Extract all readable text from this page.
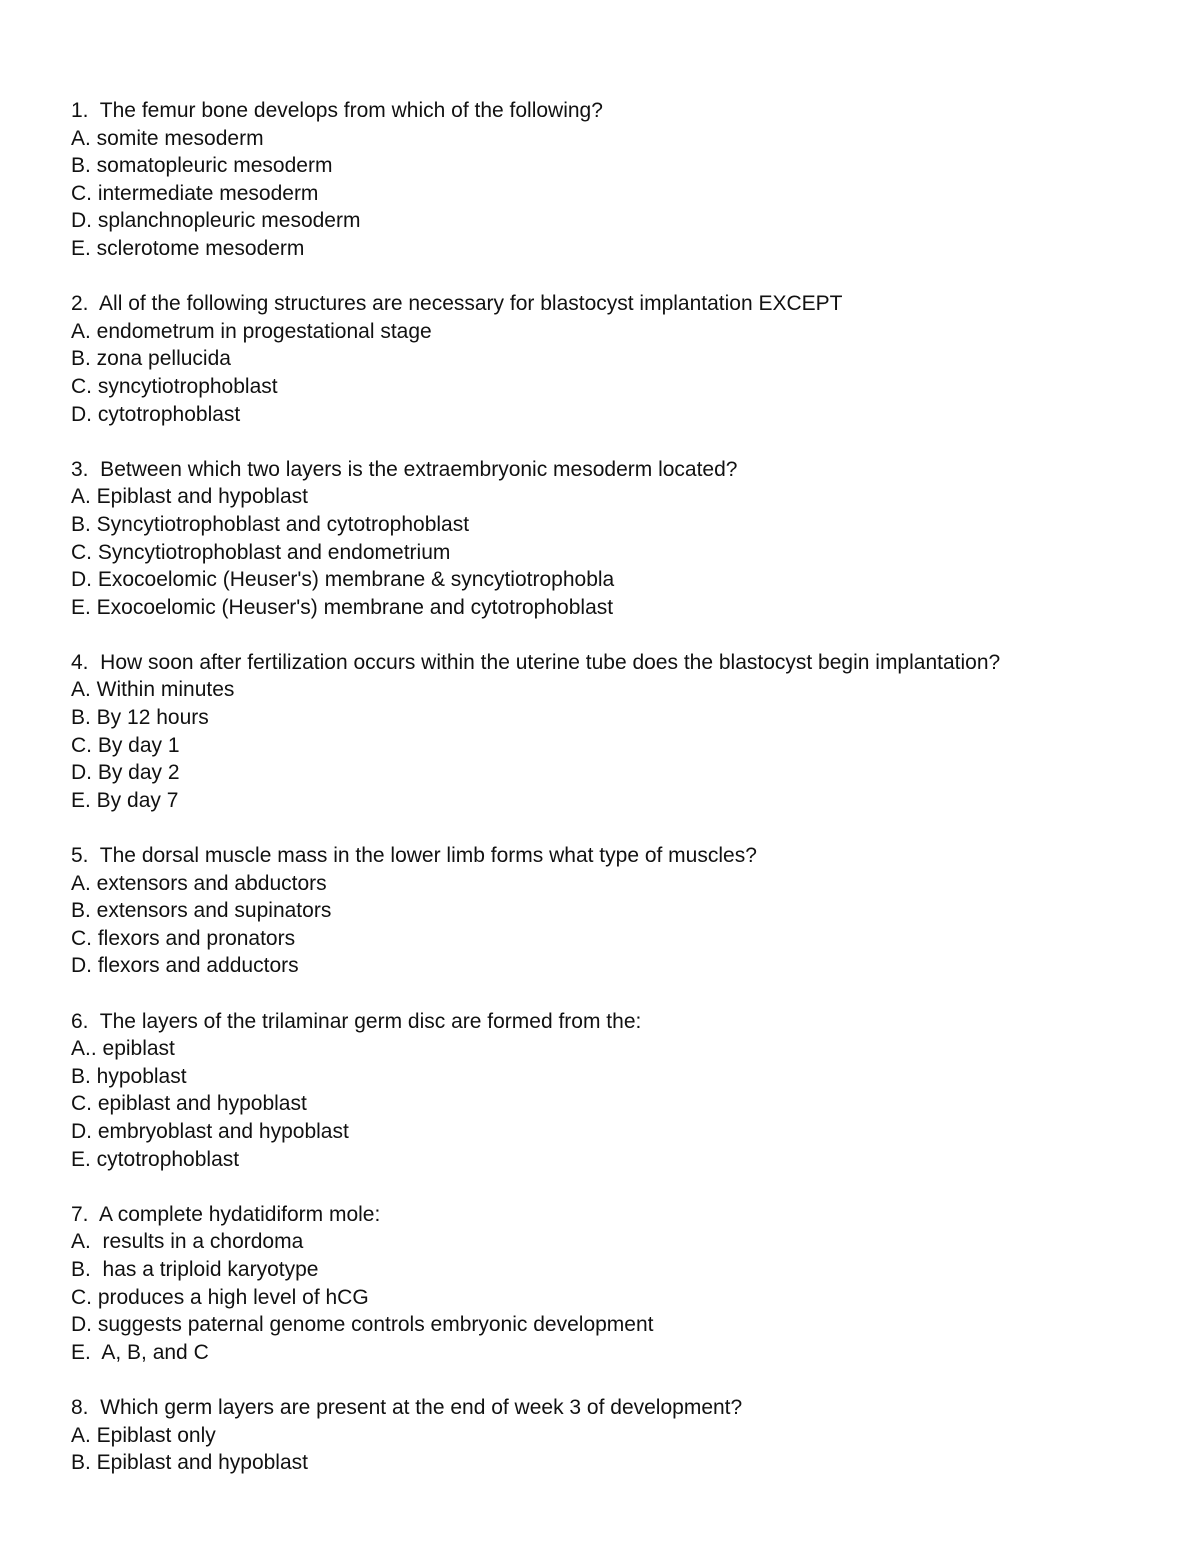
1.  The femur bone develops from which of the following?
A. somite mesoderm
B. somatopleuric mesoderm
C. intermediate mesoderm
D. splanchnopleuric mesoderm
E. sclerotome mesoderm
2.  All of the following structures are necessary for blastocyst implantation EXCEPT
A. endometrum in progestational stage
B. zona pellucida
C. syncytiotrophoblast
D. cytotrophoblast
3.  Between which two layers is the extraembryonic mesoderm located?
A. Epiblast and hypoblast
B. Syncytiotrophoblast and cytotrophoblast
C. Syncytiotrophoblast and endometrium
D. Exocoelomic (Heuser's) membrane & syncytiotrophobla
E. Exocoelomic (Heuser's) membrane and cytotrophoblast
4.  How soon after fertilization occurs within the uterine tube does the blastocyst begin implantation?
A. Within minutes
B. By 12 hours
C. By day 1
D. By day 2
E. By day 7
5.  The dorsal muscle mass in the lower limb forms what type of muscles?
A. extensors and abductors
B. extensors and supinators
C. flexors and pronators
D. flexors and adductors
6.  The layers of the trilaminar germ disc are formed from the:
A.. epiblast
B. hypoblast
C. epiblast and hypoblast
D. embryoblast and hypoblast
E. cytotrophoblast
7.  A complete hydatidiform mole:
A.  results in a chordoma
B.  has a triploid karyotype
C. produces a high level of hCG
D. suggests paternal genome controls embryonic development
E.  A, B, and C
8.  Which germ layers are present at the end of week 3 of development?
A. Epiblast only
B. Epiblast and hypoblast
